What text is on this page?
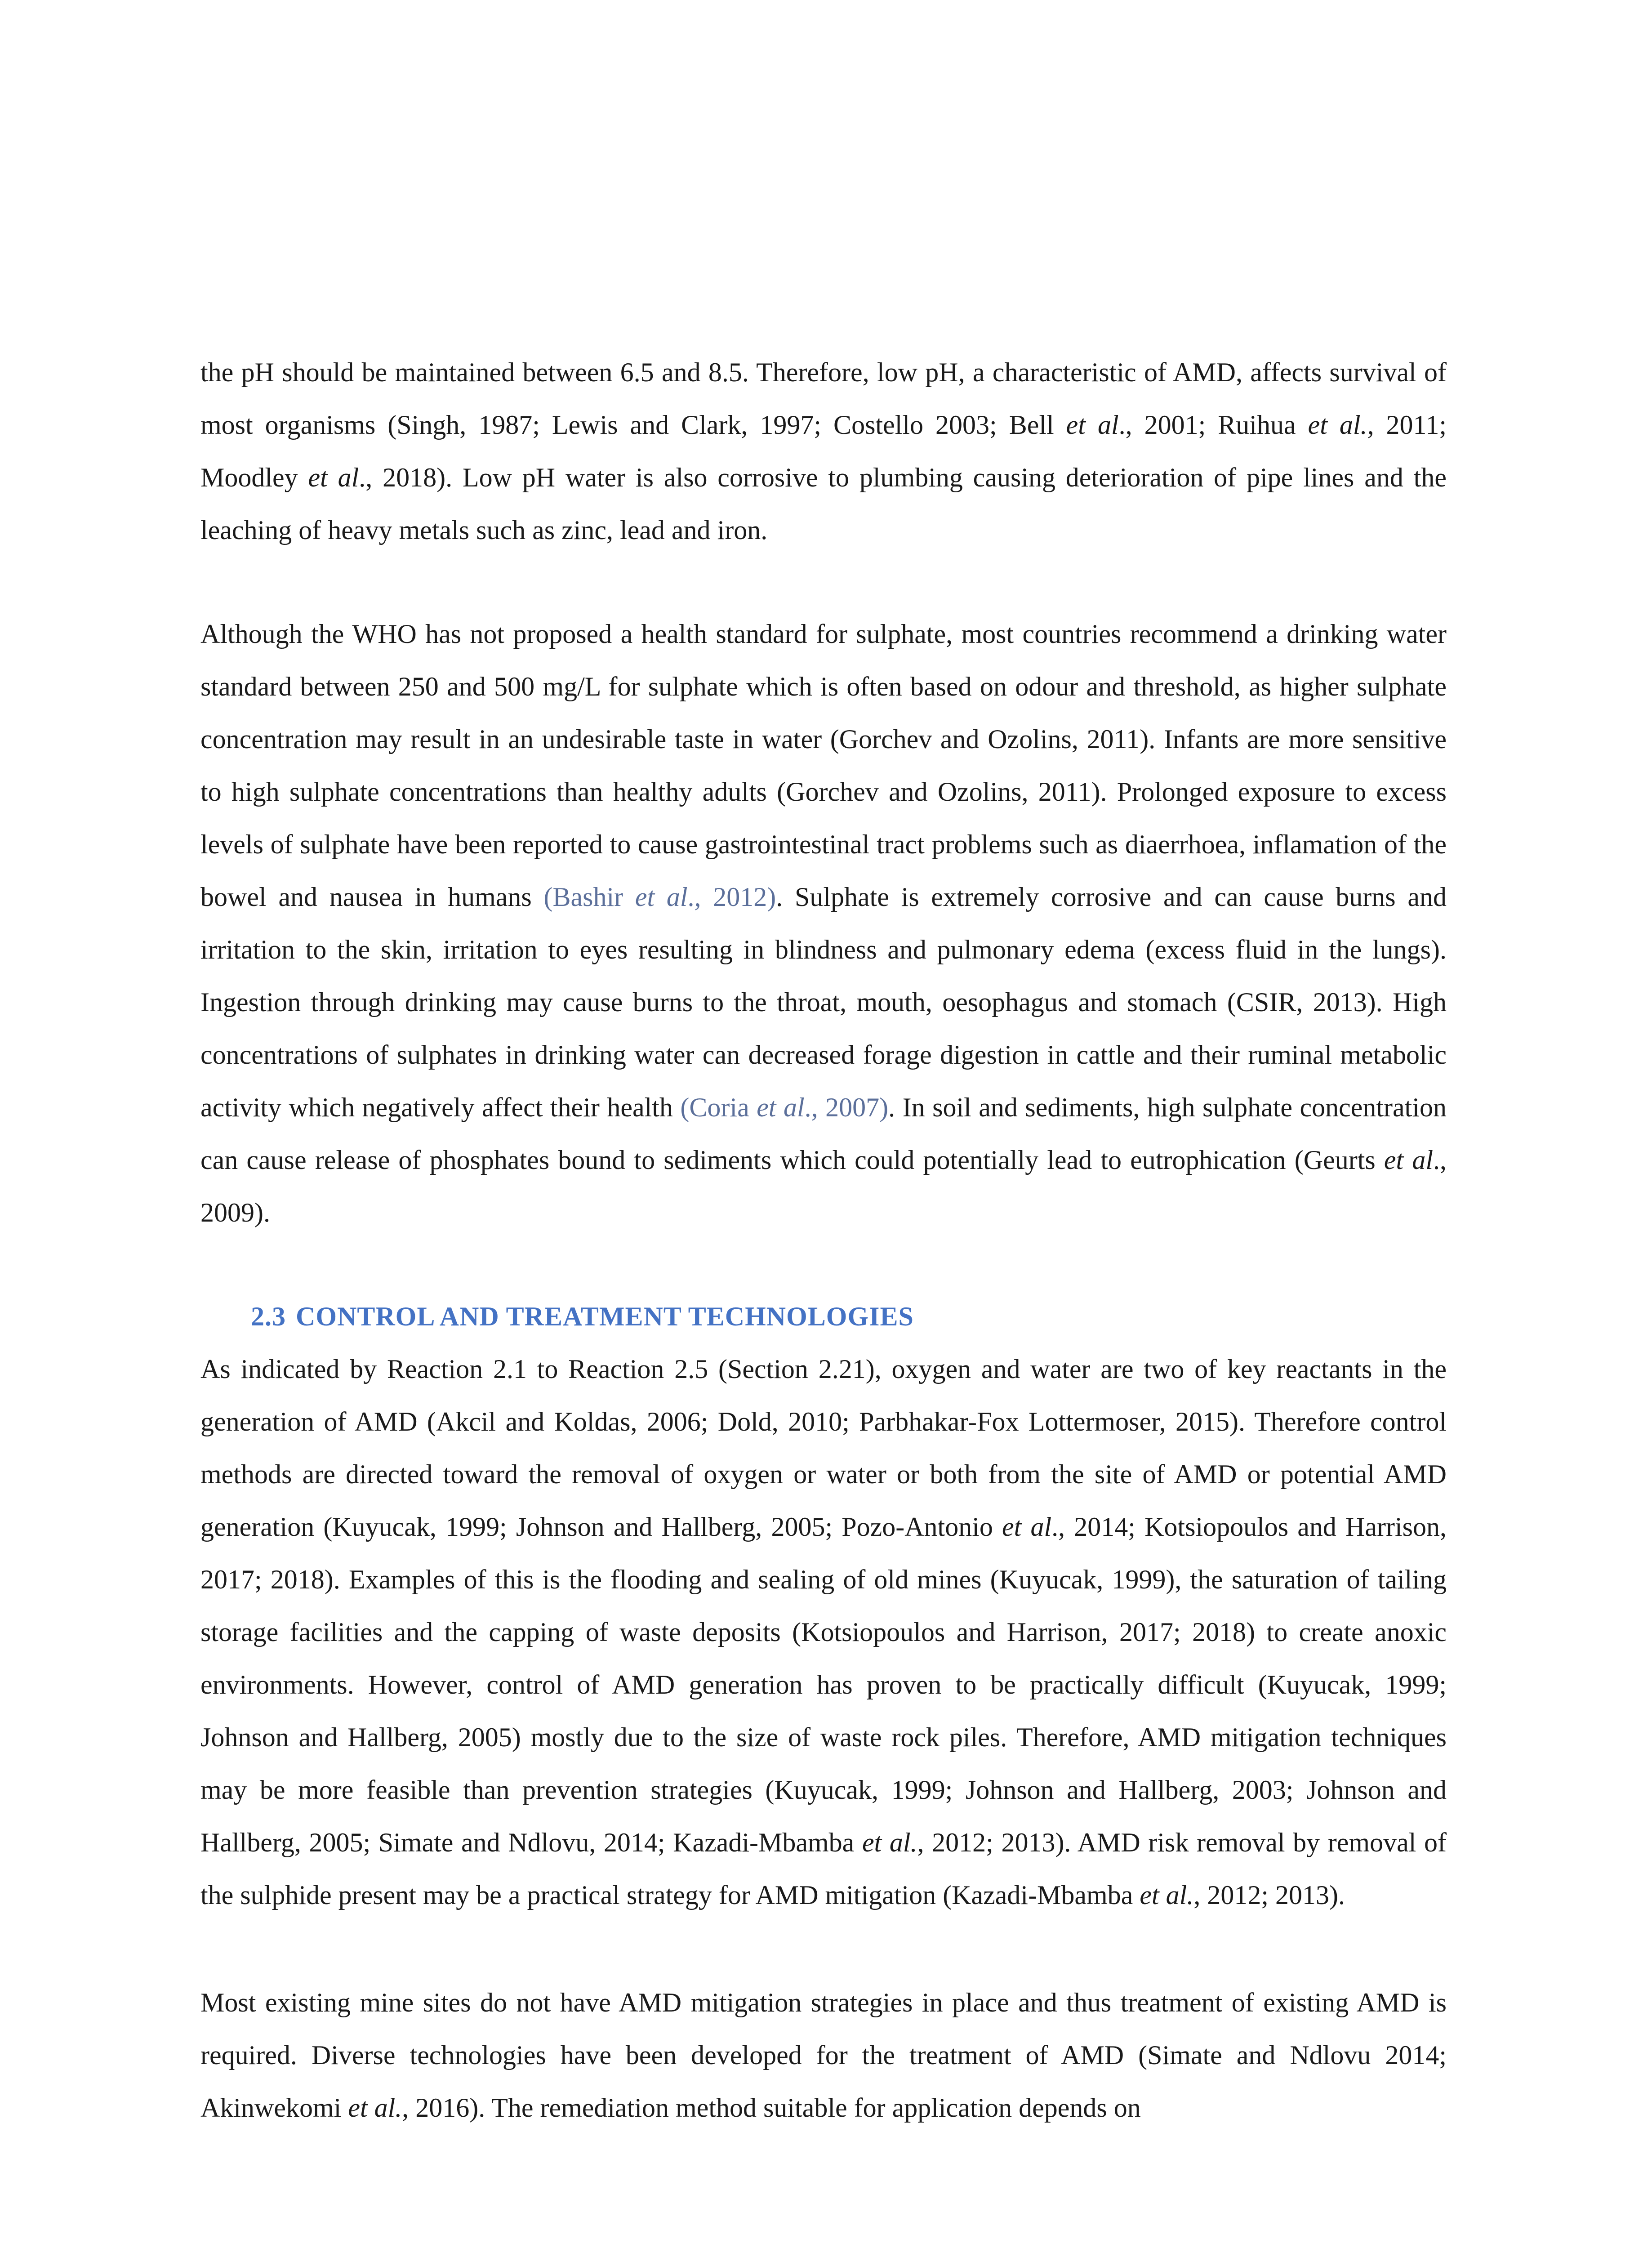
the pH should be maintained between 6.5 and 8.5. Therefore, low pH, a characteristic of AMD, affects survival of most organisms (Singh, 1987; Lewis and Clark, 1997; Costello 2003; Bell et al., 2001; Ruihua et al., 2011; Moodley et al., 2018). Low pH water is also corrosive to plumbing causing deterioration of pipe lines and the leaching of heavy metals such as zinc, lead and iron.

Although the WHO has not proposed a health standard for sulphate, most countries recommend a drinking water standard between 250 and 500 mg/L for sulphate which is often based on odour and threshold, as higher sulphate concentration may result in an undesirable taste in water (Gorchev and Ozolins, 2011). Infants are more sensitive to high sulphate concentrations than healthy adults (Gorchev and Ozolins, 2011). Prolonged exposure to excess levels of sulphate have been reported to cause gastrointestinal tract problems such as diaerrhoea, inflamation of the bowel and nausea in humans (Bashir et al., 2012). Sulphate is extremely corrosive and can cause burns and irritation to the skin, irritation to eyes resulting in blindness and pulmonary edema (excess fluid in the lungs). Ingestion through drinking may cause burns to the throat, mouth, oesophagus and stomach (CSIR, 2013). High concentrations of sulphates in drinking water can decreased forage digestion in cattle and their ruminal metabolic activity which negatively affect their health (Coria et al., 2007). In soil and sediments, high sulphate concentration can cause release of phosphates bound to sediments which could potentially lead to eutrophication (Geurts et al., 2009).

2.3 CONTROL AND TREATMENT TECHNOLOGIES

As indicated by Reaction 2.1 to Reaction 2.5 (Section 2.21), oxygen and water are two of key reactants in the generation of AMD (Akcil and Koldas, 2006; Dold, 2010; Parbhakar-Fox Lottermoser, 2015). Therefore control methods are directed toward the removal of oxygen or water or both from the site of AMD or potential AMD generation (Kuyucak, 1999; Johnson and Hallberg, 2005; Pozo-Antonio et al., 2014; Kotsiopoulos and Harrison, 2017; 2018). Examples of this is the flooding and sealing of old mines (Kuyucak, 1999), the saturation of tailing storage facilities and the capping of waste deposits (Kotsiopoulos and Harrison, 2017; 2018) to create anoxic environments. However, control of AMD generation has proven to be practically difficult (Kuyucak, 1999; Johnson and Hallberg, 2005) mostly due to the size of waste rock piles. Therefore, AMD mitigation techniques may be more feasible than prevention strategies (Kuyucak, 1999; Johnson and Hallberg, 2003; Johnson and Hallberg, 2005; Simate and Ndlovu, 2014; Kazadi-Mbamba et al., 2012; 2013). AMD risk removal by removal of the sulphide present may be a practical strategy for AMD mitigation (Kazadi-Mbamba et al., 2012; 2013).

Most existing mine sites do not have AMD mitigation strategies in place and thus treatment of existing AMD is required. Diverse technologies have been developed for the treatment of AMD (Simate and Ndlovu 2014; Akinwekomi et al., 2016). The remediation method suitable for application depends on
